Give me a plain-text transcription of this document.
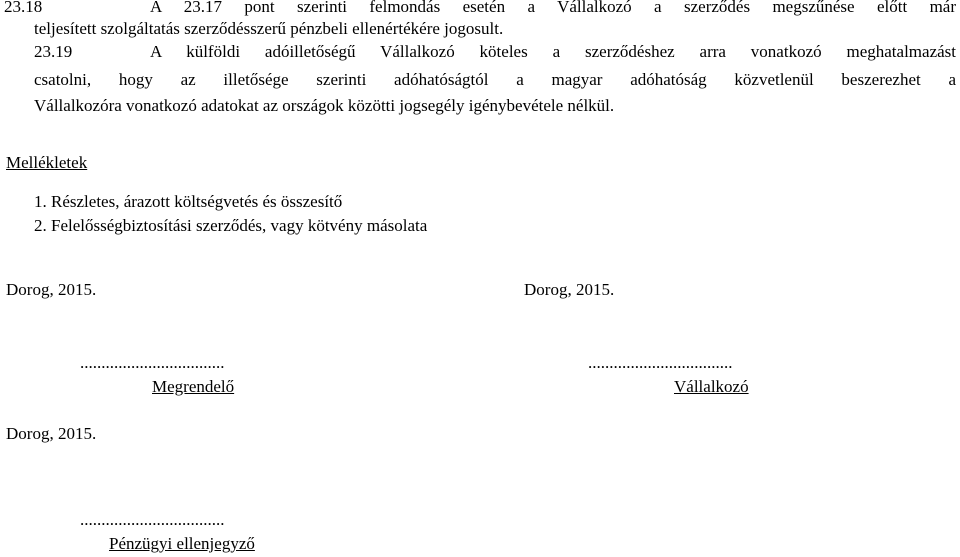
23.18	A 23.17 pont szerinti felmondás esetén a Vállalkozó a szerződés megszűnése előtt már
teljesített szolgáltatás szerződésszerű pénzbeli ellenértékére jogosult.
23.19	A külföldi adóilletőségű Vállalkozó köteles a szerződéshez arra vonatkozó meghatalmazást
csatolni, hogy az illetősége szerinti adóhatóságtól a magyar adóhatóság közvetlenül beszerezhet a
Vállalkozóra vonatkozó adatokat az országok közötti jogsegély igénybevétele nélkül.
Mellékletek
1. Részletes, árazott költségvetés és összesítő
2. Felelősségbiztosítási szerződés, vagy kötvény másolata
Dorog, 2015.	Dorog, 2015.
..................................	..................................
Megrendelő	Vállalkozó
Dorog, 2015.
..................................
Pénzügyi ellenjegyző
